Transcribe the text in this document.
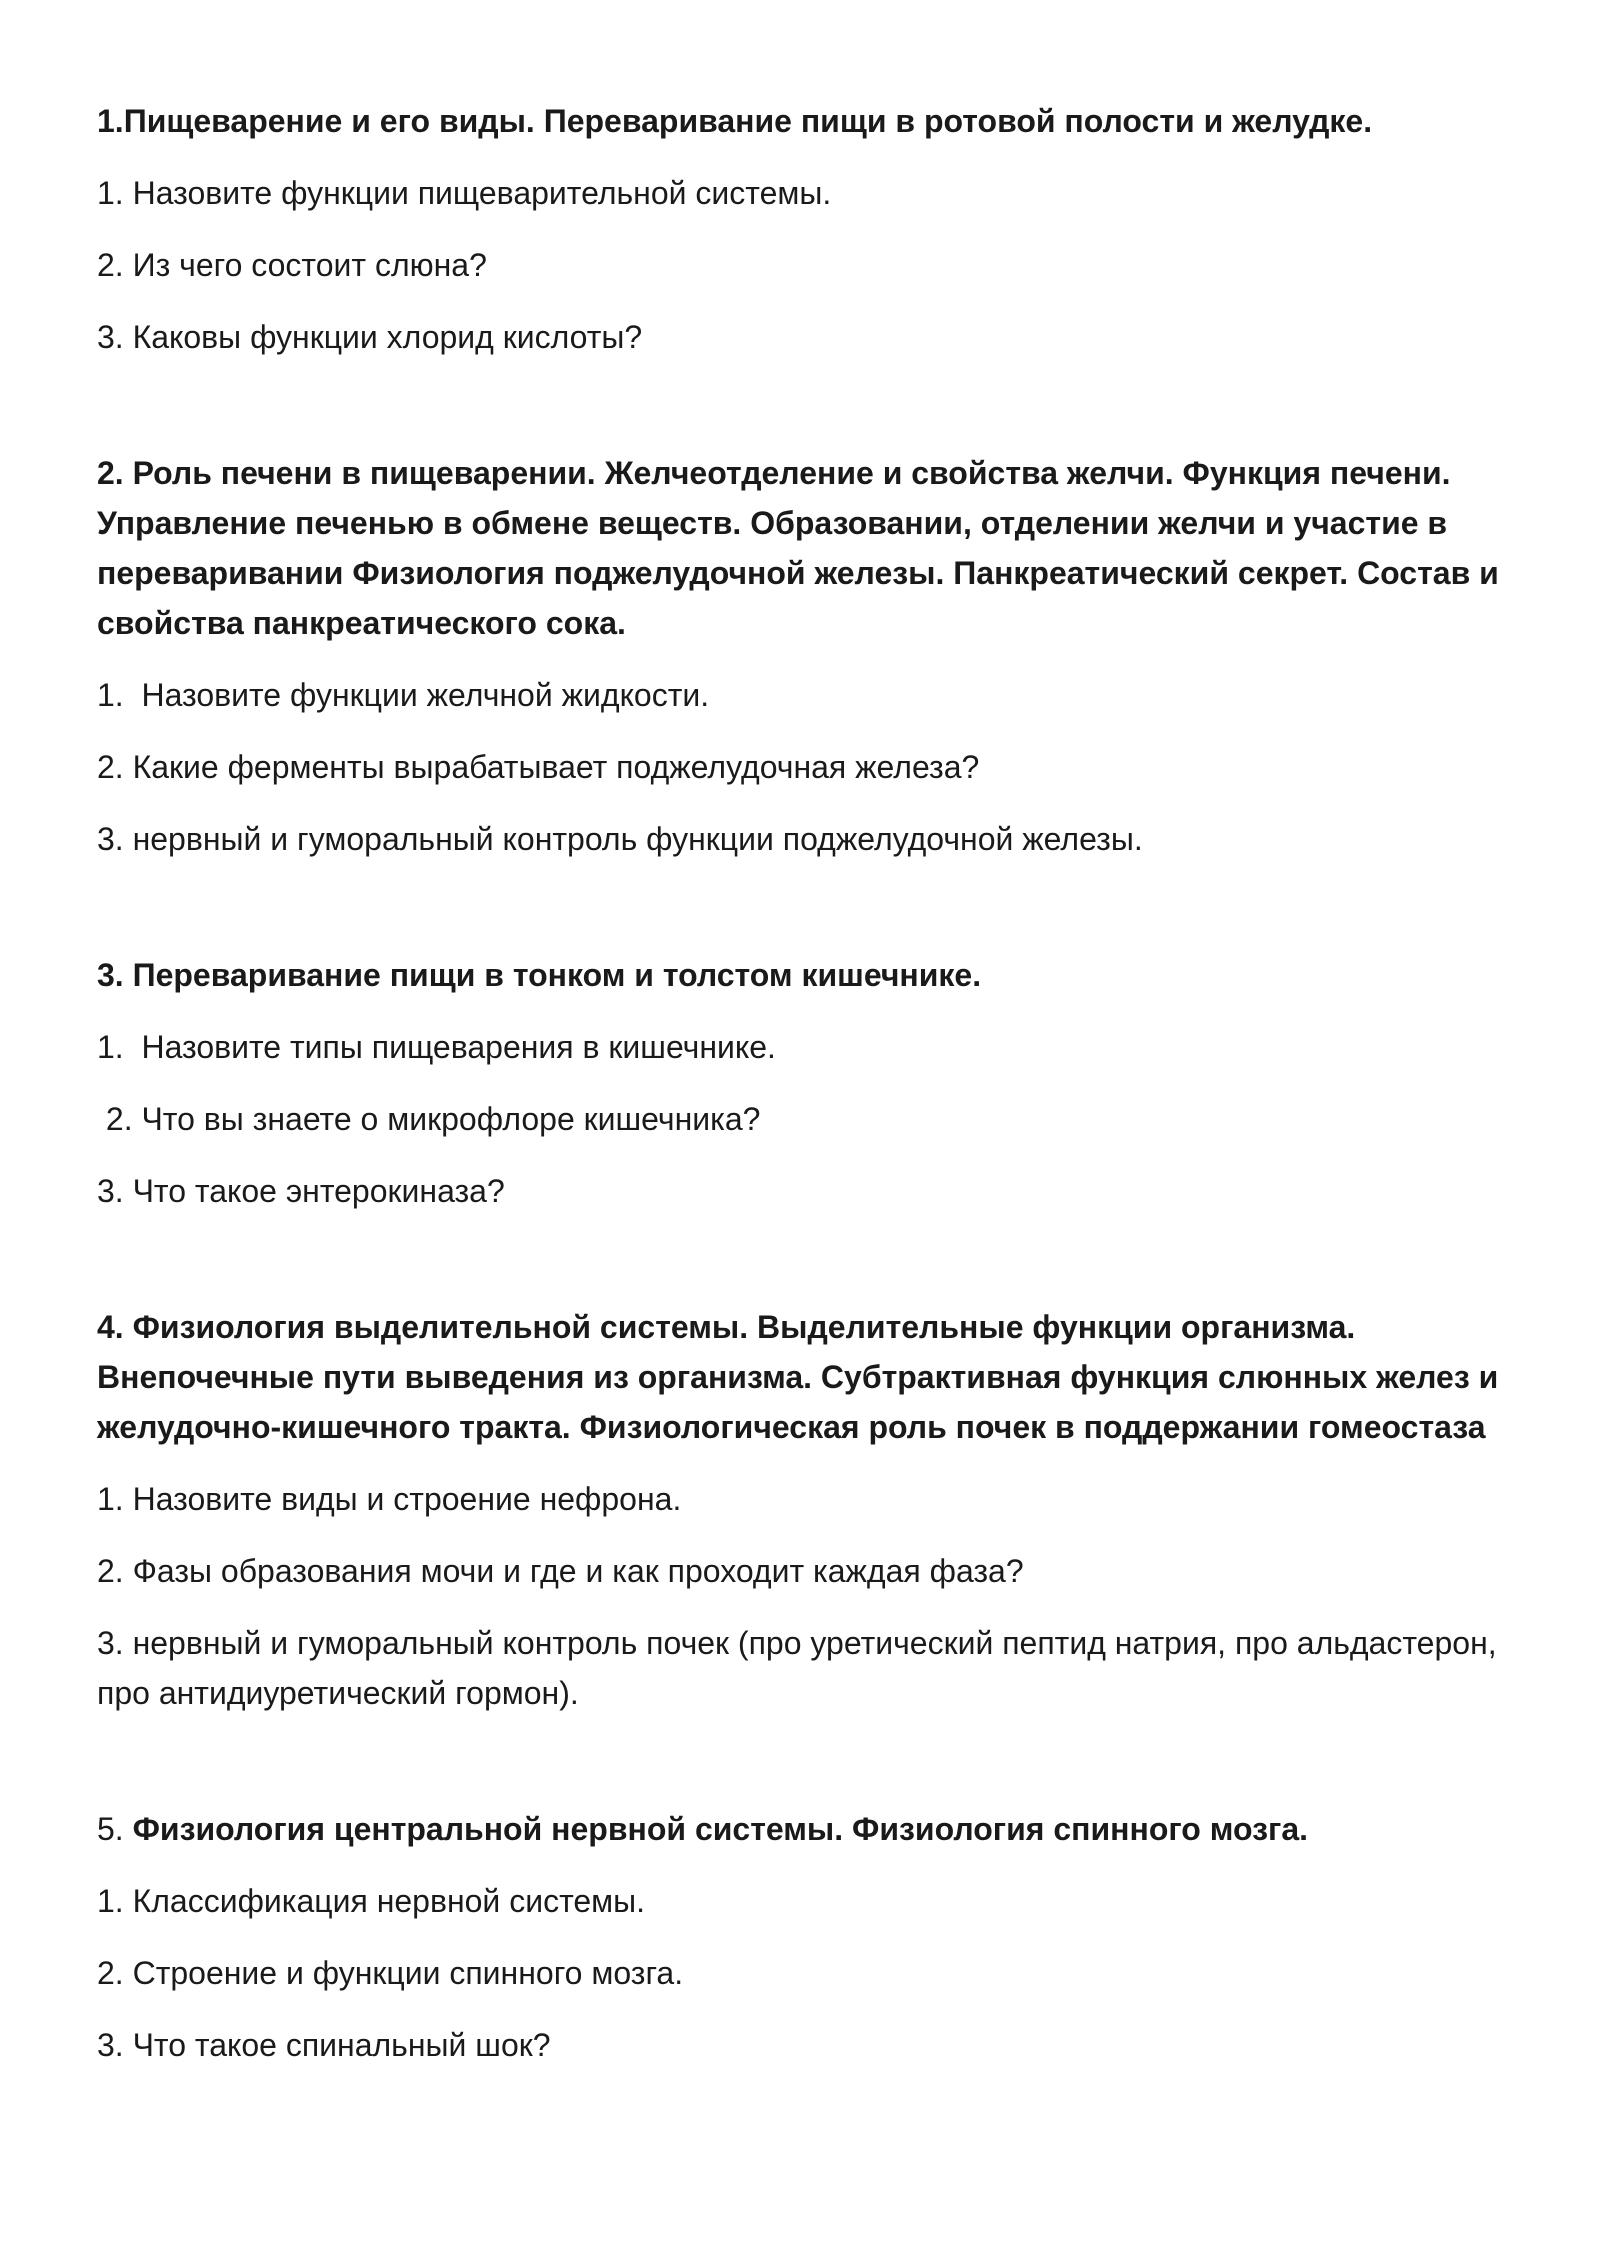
1.Пищеварение и его виды. Переваривание пищи в ротовой полости и желудке.
1. Назовите функции пищеварительной системы.
2. Из чего состоит слюна?
3. Каковы функции хлорид кислоты?
2. Роль печени в пищеварении. Желчеотделение и свойства желчи. Функция печени. Управление печенью в обмене веществ. Образовании, отделении желчи и участие в переваривании Физиология поджелудочной железы. Панкреатический секрет. Состав и свойства панкреатического сока.
1.  Назовите функции желчной жидкости.
2. Какие ферменты вырабатывает поджелудочная железа?
3. нервный и гуморальный контроль функции поджелудочной железы.
3. Переваривание пищи в тонком и толстом кишечнике.
1.  Назовите типы пищеварения в кишечнике.
2. Что вы знаете о микрофлоре кишечника?
3. Что такое энтерокиназа?
4. Физиология выделительной системы. Выделительные функции организма. Внепочечные пути выведения из организма. Субтрактивная функция слюнных желез и желудочно-кишечного тракта. Физиологическая роль почек в поддержании гомеостаза
1. Назовите виды и строение нефрона.
2. Фазы образования мочи и где и как проходит каждая фаза?
3. нервный и гуморальный контроль почек (про уретический пептид натрия, про альдастерон, про антидиуретический гормон).
5. Физиология центральной нервной системы. Физиология спинного мозга.
1. Классификация нервной системы.
2. Строение и функции спинного мозга.
3. Что такое спинальный шок?
